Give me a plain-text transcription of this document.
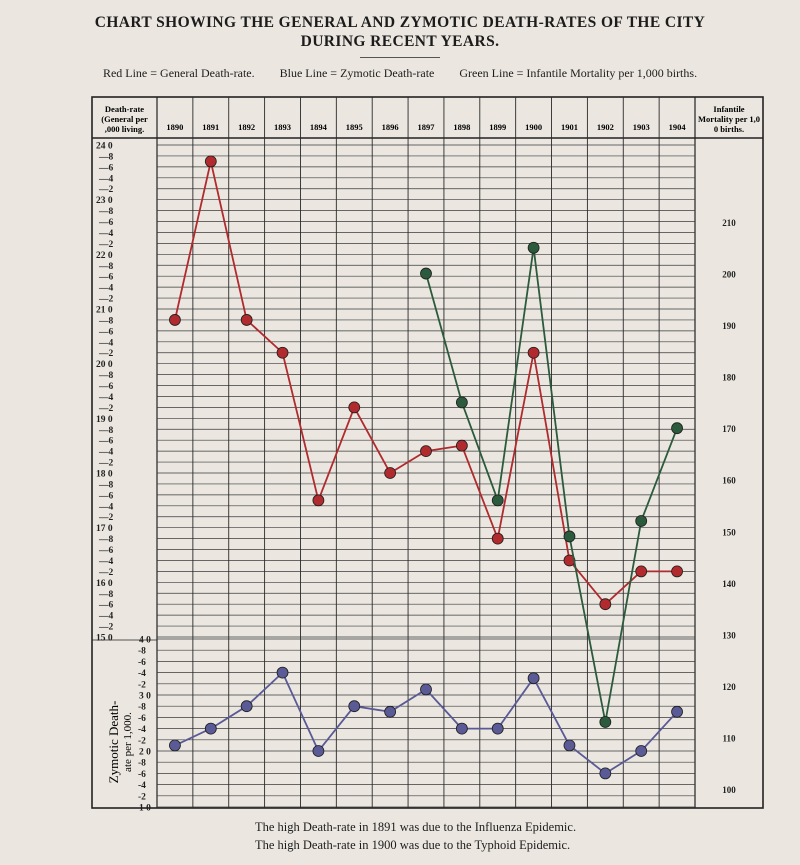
CHART SHOWING THE GENERAL AND ZYMOTIC DEATH-RATES OF THE CITY
DURING RECENT YEARS.
Red Line = General Death-rate. Blue Line = Zymotic Death-rate Green Line = Infantile Mortality per 1,000 births.
Death-rate
(General per
,000 living.
Infantile
Mortality per 1,0
0 births.
1890 1891 1892 1893 1894 1895 1896 1897 1898 1899 1900 1901 1902 1903 1904
24 0
—8
—6
—4
—2
23 0
—8
—6
—4
—2
22 0
—8
—6
—4
—2
21 0
—8
—6
—4
—2
20 0
—8
—6
—4
—2
19 0
—8
—6
—4
—2
18 0
—8
—6
—4
—2
17 0
—8
—6
—4
—2
16 0
—8
—6
—4
—2
15 0	4 0
-8
-6
-4
-2
3 0
-8
-6
-4
-2
2 0
-8
-6
-4
-2
1 0
Zymotic Death- ate per 1,000.
210
200
190
180
170
160
150
140
130
120
110
100
The high Death-rate in 1891 was due to the Influenza Epidemic.
The high Death-rate in 1900 was due to the Typhoid Epidemic.
